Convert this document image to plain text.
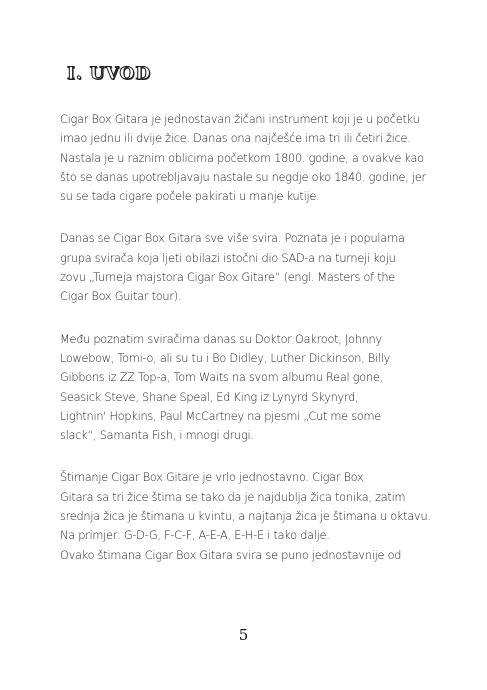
I. UVOD

Cigar Box Gitara je jednostavan žičani instrument koji je u početku
imao jednu ili dvije žice. Danas ona najčešće ima tri ili četiri žice.
Nastala je u raznim oblicima početkom 1800. godine, a ovakve kao
što se danas upotrebljavaju nastale su negdje oko 1840. godine, jer
su se tada cigare počele pakirati u manje kutije.

Danas se Cigar Box Gitara sve više svira. Poznata je i popularna
grupa svirača koja ljeti obilazi istočni dio SAD-a na turneji koju
zovu „Turneja majstora Cigar Box Gitare“ (engl. Masters of the
Cigar Box Guitar tour).

Među poznatim sviračima danas su Doktor Oakroot, Johnny
Lowebow, Tomi-o, ali su tu i Bo Didley, Luther Dickinson, Billy
Gibbons iz ZZ Top-a, Tom Waits na svom albumu Real gone,
Seasick Steve, Shane Speal, Ed King iz Lynyrd Skynyrd,
Lightnin' Hopkins, Paul McCartney na pjesmi „Cut me some
slack“, Samanta Fish, i mnogi drugi.

Štimanje Cigar Box Gitare je vrlo jednostavno. Cigar Box
Gitara sa tri žice štima se tako da je najdublja žica tonika, zatim
srednja žica je štimana u kvintu, a najtanja žica je štimana u oktavu.
Na primjer: G-D-G, F-C-F, A-E-A, E-H-E i tako dalje.
Ovako štimana Cigar Box Gitara svira se puno jednostavnije od

5
